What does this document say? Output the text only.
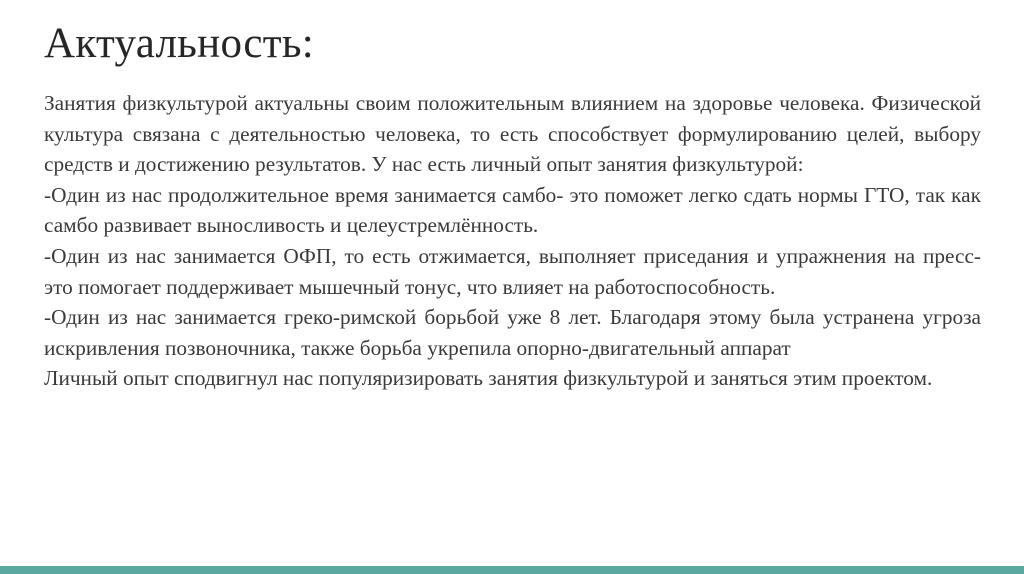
Актуальность:

Занятия физкультурой актуальны своим положительным влиянием на здоровье человека. Физической культура связана с деятельностью человека, то есть способствует формулированию целей, выбору средств и достижению результатов. У нас есть личный опыт занятия физкультурой:

-Один из нас продолжительное время занимается самбо- это поможет легко сдать нормы ГТО, так как самбо развивает выносливость и целеустремлённость.

-Один из нас занимается ОФП, то есть отжимается, выполняет приседания и упражнения на пресс- это помогает поддерживает мышечный тонус, что влияет на работоспособность.

-Один из нас занимается греко-римской борьбой уже 8 лет. Благодаря этому была устранена угроза искривления позвоночника, также борьба укрепила опорно-двигательный аппарат

Личный опыт сподвигнул нас популяризировать занятия физкультурой и заняться этим проектом.
